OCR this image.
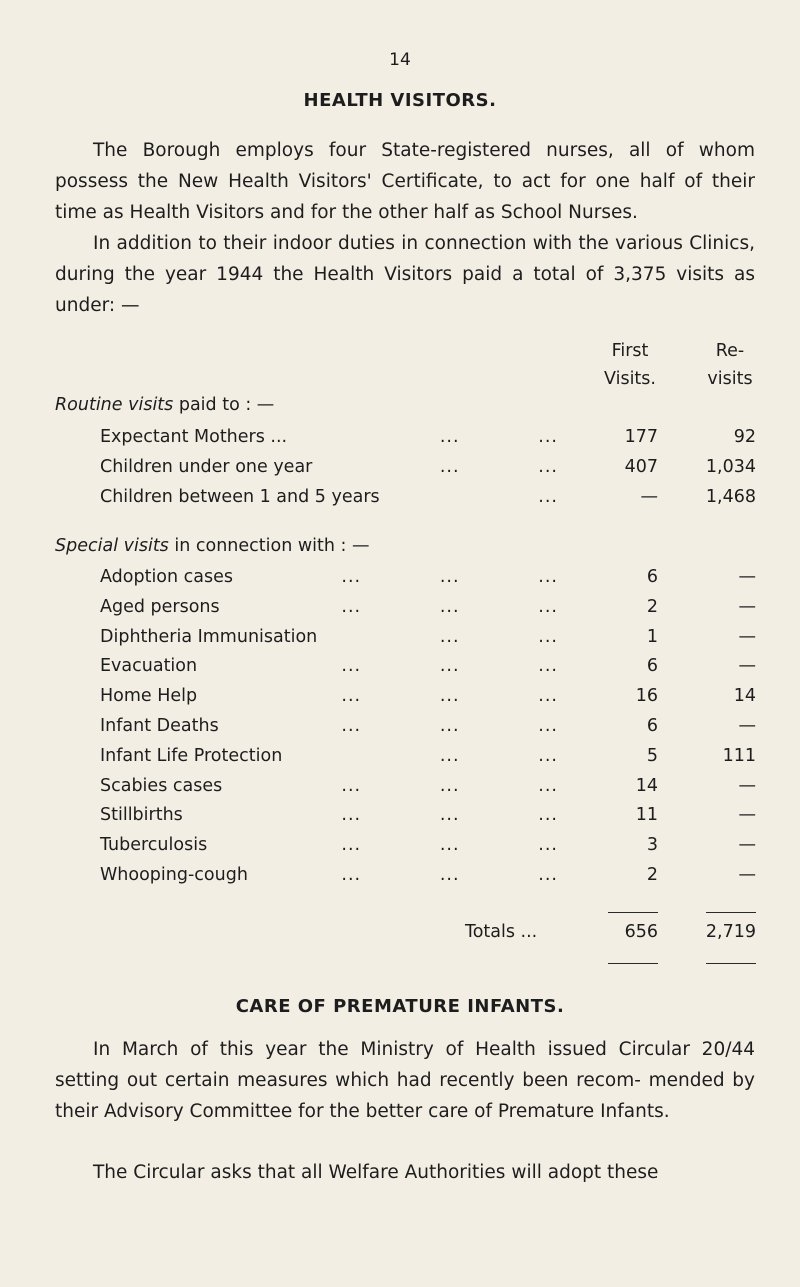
14
HEALTH VISITORS.

The Borough employs four State-registered nurses, all of whom possess the New Health Visitors' Certificate, to act for one half of their time as Health Visitors and for the other half as School Nurses.

In addition to their indoor duties in connection with the various Clinics, during the year 1944 the Health Visitors paid a total of 3,375 visits as under: —

First
Visits.
Re-
visits
Routine visits paid to : —
Expectant Mothers ...	...            ...	177	92
Children under one year	...            ...	407	1,034
Children between 1 and 5 years	...	—	1,468
Special visits in connection with : —
Adoption cases	...            ...            ...	6	—
Aged persons	...            ...            ...	2	—
Diphtheria Immunisation	...            ...	1	—
Evacuation	...            ...            ...	6	—
Home Help	...            ...            ...	16	14
Infant Deaths	...            ...            ...	6	—
Infant Life Protection	...            ...	5	111
Scabies cases	...            ...            ...	14	—
Stillbirths	...            ...            ...	11	—
Tuberculosis	...            ...            ...	3	—
Whooping-cough	...            ...            ...	2	—
Totals ...	656	2,719
CARE OF PREMATURE INFANTS.

In March of this year the Ministry of Health issued Circular 20/44 setting out certain measures which had recently been recom- mended by their Advisory Committee for the better care of Premature Infants.

The Circular asks that all Welfare Authorities will adopt these
